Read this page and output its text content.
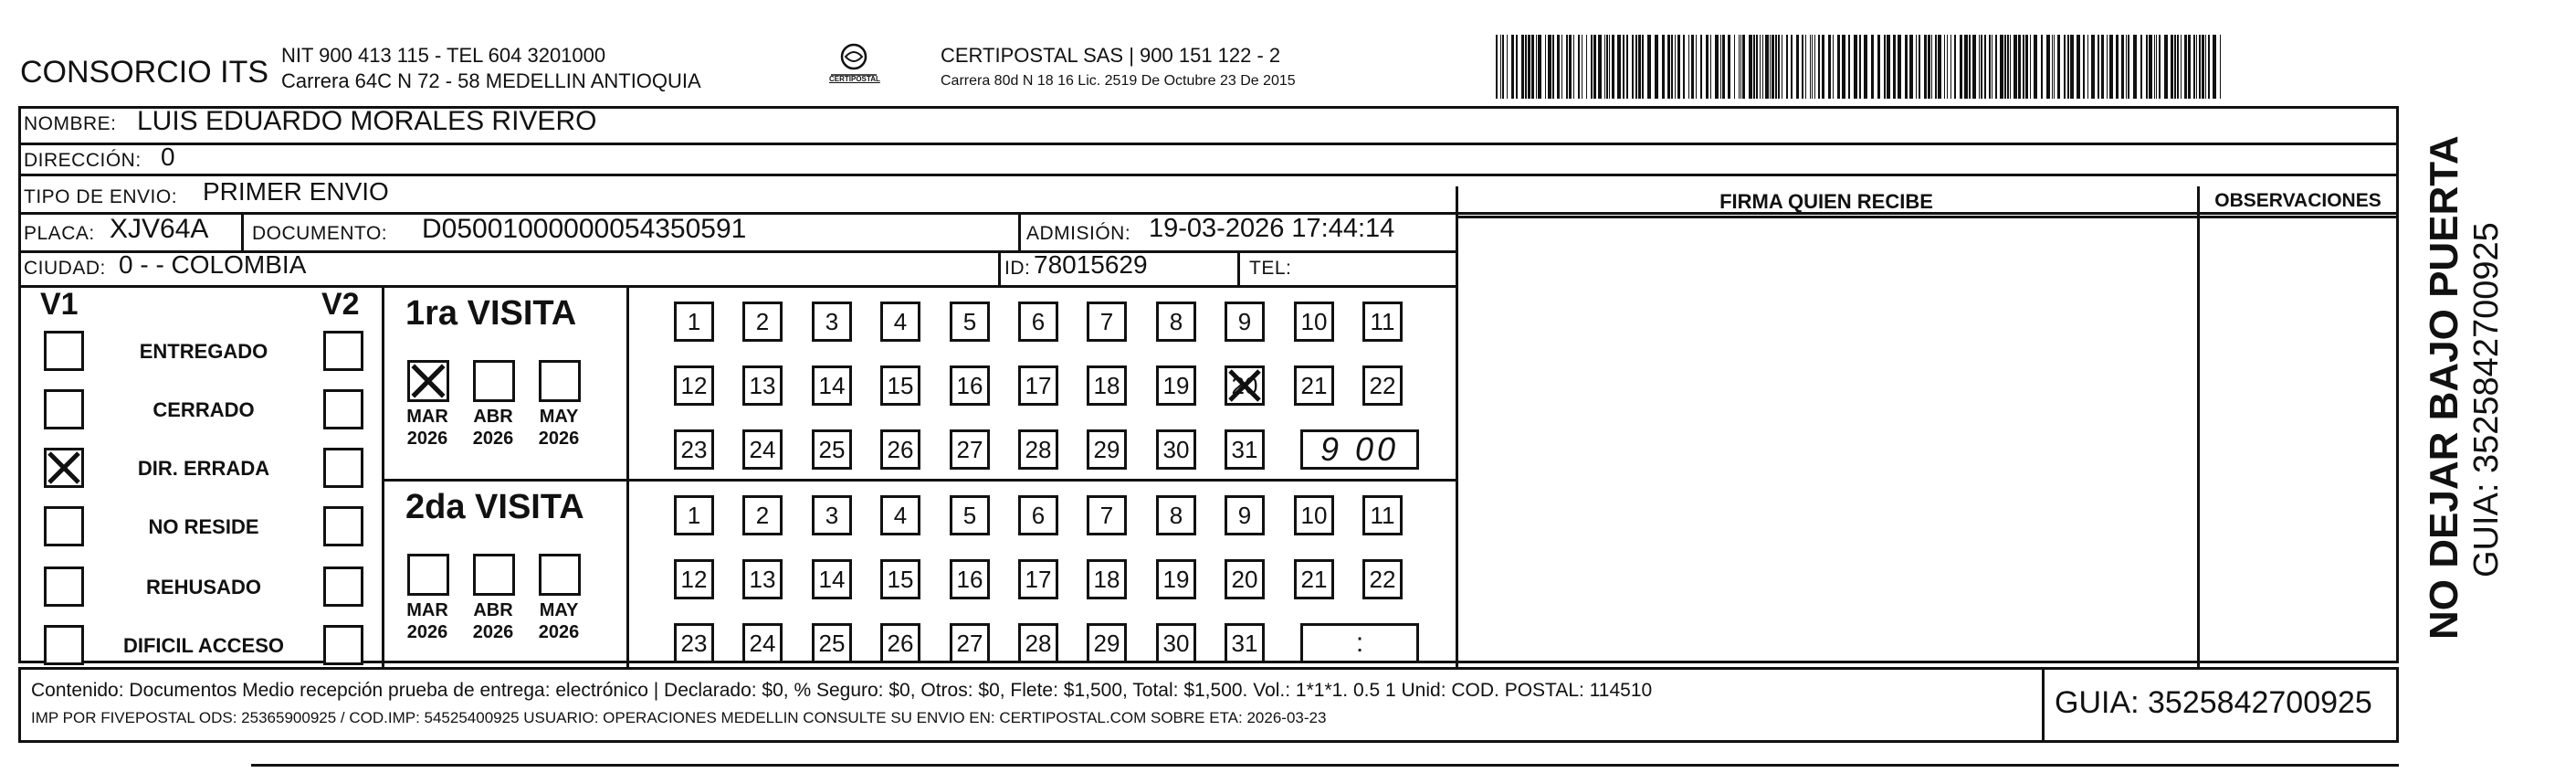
CONSORCIO ITS NIT 900 413 115 - TEL 604 3201000
Carrera 64C N 72 - 58 MEDELLIN ANTIOQUIA	CERTIPOSTAL
CERTIPOSTAL SAS | 900 151 122 - 2
Carrera 80d N 18 16 Lic. 2519 De Octubre 23 De 2015
NOMBRE: LUIS EDUARDO MORALES RIVERO
DIRECCIÓN: 0
TIPO DE ENVIO: PRIMER ENVIO
PLACA: XJV64A DOCUMENTO: D05001000000054350591	ADMISIÓN: 19-03-2026 17:44:14
CIUDAD: 0 - - COLOMBIA	ID: 78015629	TEL:
FIRMA QUIEN RECIBE	OBSERVACIONES
V1	V2
ENTREGADO
CERRADO
DIR. ERRADA
NO RESIDE
REHUSADO
DIFICIL ACCESO
1ra VISITA
MAR
2026
ABR
2026
MAY
2026
1	2	3	4	5	6	7	8	9	10	11
12 13 14 15 16 17 18 19 20 21 22
23 24 25 26 27 28 29 30 31	9 00
2da VISITA
MAR
2026
ABR
2026
MAY
2026
1	2	3	4	5	6	7	8	9	10	11
12 13 14 15 16 17 18 19 20 21 22
23 24 25 26 27 28 29 30 31	:
Contenido: Documentos Medio recepción prueba de entrega: electrónico | Declarado: $0, % Seguro: $0, Otros: $0, Flete: $1,500, Total: $1,500. Vol.: 1*1*1. 0.5 1 Unid: COD. POSTAL: 114510
IMP POR FIVEPOSTAL ODS: 25365900925 / COD.IMP: 54525400925 USUARIO: OPERACIONES MEDELLIN CONSULTE SU ENVIO EN: CERTIPOSTAL.COM SOBRE ETA: 2026-03-23	GUIA: 3525842700925
NO DEJAR BAJO PUERTA GUIA: 3525842700925
